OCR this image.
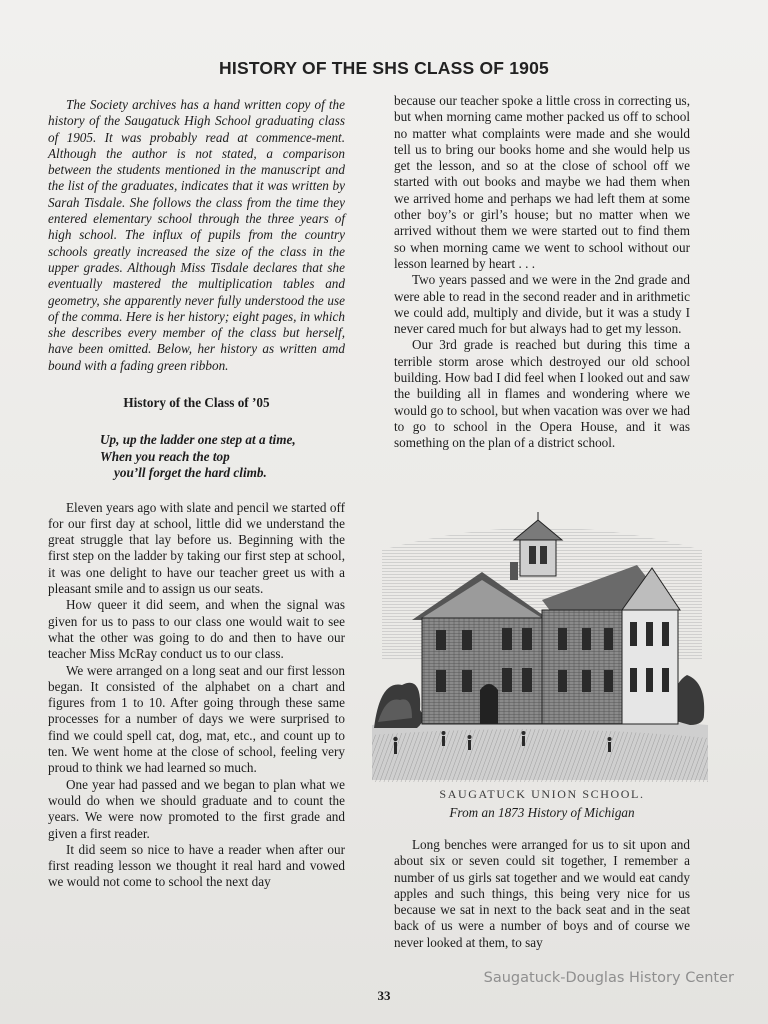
HISTORY OF THE SHS CLASS OF 1905

The Society archives has a hand written copy of the history of the Saugatuck High School graduating class of 1905. It was probably read at commence-ment. Although the author is not stated, a comparison between the students mentioned in the manuscript and the list of the graduates, indicates that it was written by Sarah Tisdale. She follows the class from the time they entered elementary school through the three years of high school. The influx of pupils from the country schools greatly increased the size of the class in the upper grades. Although Miss Tisdale declares that she eventually mastered the multiplication tables and geometry, she apparently never fully understood the use of the comma. Here is her history; eight pages, in which she describes every member of the class but herself, have been omitted. Below, her history as written amd bound with a fading green ribbon.

History of the Class of ’05
Up, up the ladder one step at a time,
When you reach the top
you’ll forget the hard climb.

Eleven years ago with slate and pencil we started off for our first day at school, little did we understand the great struggle that lay before us. Beginning with the first step on the ladder by taking our first step at school, it was one delight to have our teacher greet us with a pleasant smile and to assign us our seats.

How queer it did seem, and when the signal was given for us to pass to our class one would wait to see what the other was going to do and then to have our teacher Miss McRay conduct us to our class.

We were arranged on a long seat and our first lesson began. It consisted of the alphabet on a chart and figures from 1 to 10. After going through these same processes for a number of days we were surprised to find we could spell cat, dog, mat, etc., and count up to ten. We went home at the close of school, feeling very proud to think we had learned so much.

One year had passed and we began to plan what we would do when we should graduate and to count the years. We were now promoted to the first grade and given a first reader.

It did seem so nice to have a reader when after our first reading lesson we thought it real hard and vowed we would not come to school the next day

because our teacher spoke a little cross in correcting us, but when morning came mother packed us off to school no matter what complaints were made and she would tell us to bring our books home and she would help us get the lesson, and so at the close of school off we started with out books and maybe we had them when we arrived home and perhaps we had left them at some other boy’s or girl’s house; but no matter when we arrived without them we were started out to find them so when morning came we went to school without our lesson learned by heart . . .

Two years passed and we were in the 2nd grade and were able to read in the second reader and in arithmetic we could add, multiply and divide, but it was a study I never cared much for but always had to get my lesson.

Our 3rd grade is reached but during this time a terrible storm arose which destroyed our old school building. How bad I did feel when I looked out and saw the building all in flames and wondering where we would go to school, but when vacation was over we had to go to school in the Opera House, and it was something on the plan of a district school.

SAUGATUCK UNION SCHOOL.
From an 1873 History of Michigan

Long benches were arranged for us to sit upon and about six or seven could sit together, I remember a number of us girls sat together and we would eat candy apples and such things, this being very nice for us because we sat in next to the back seat and in the seat back of us were a number of boys and of course we never looked at them, to say

Saugatuck-Douglas History Center
33
